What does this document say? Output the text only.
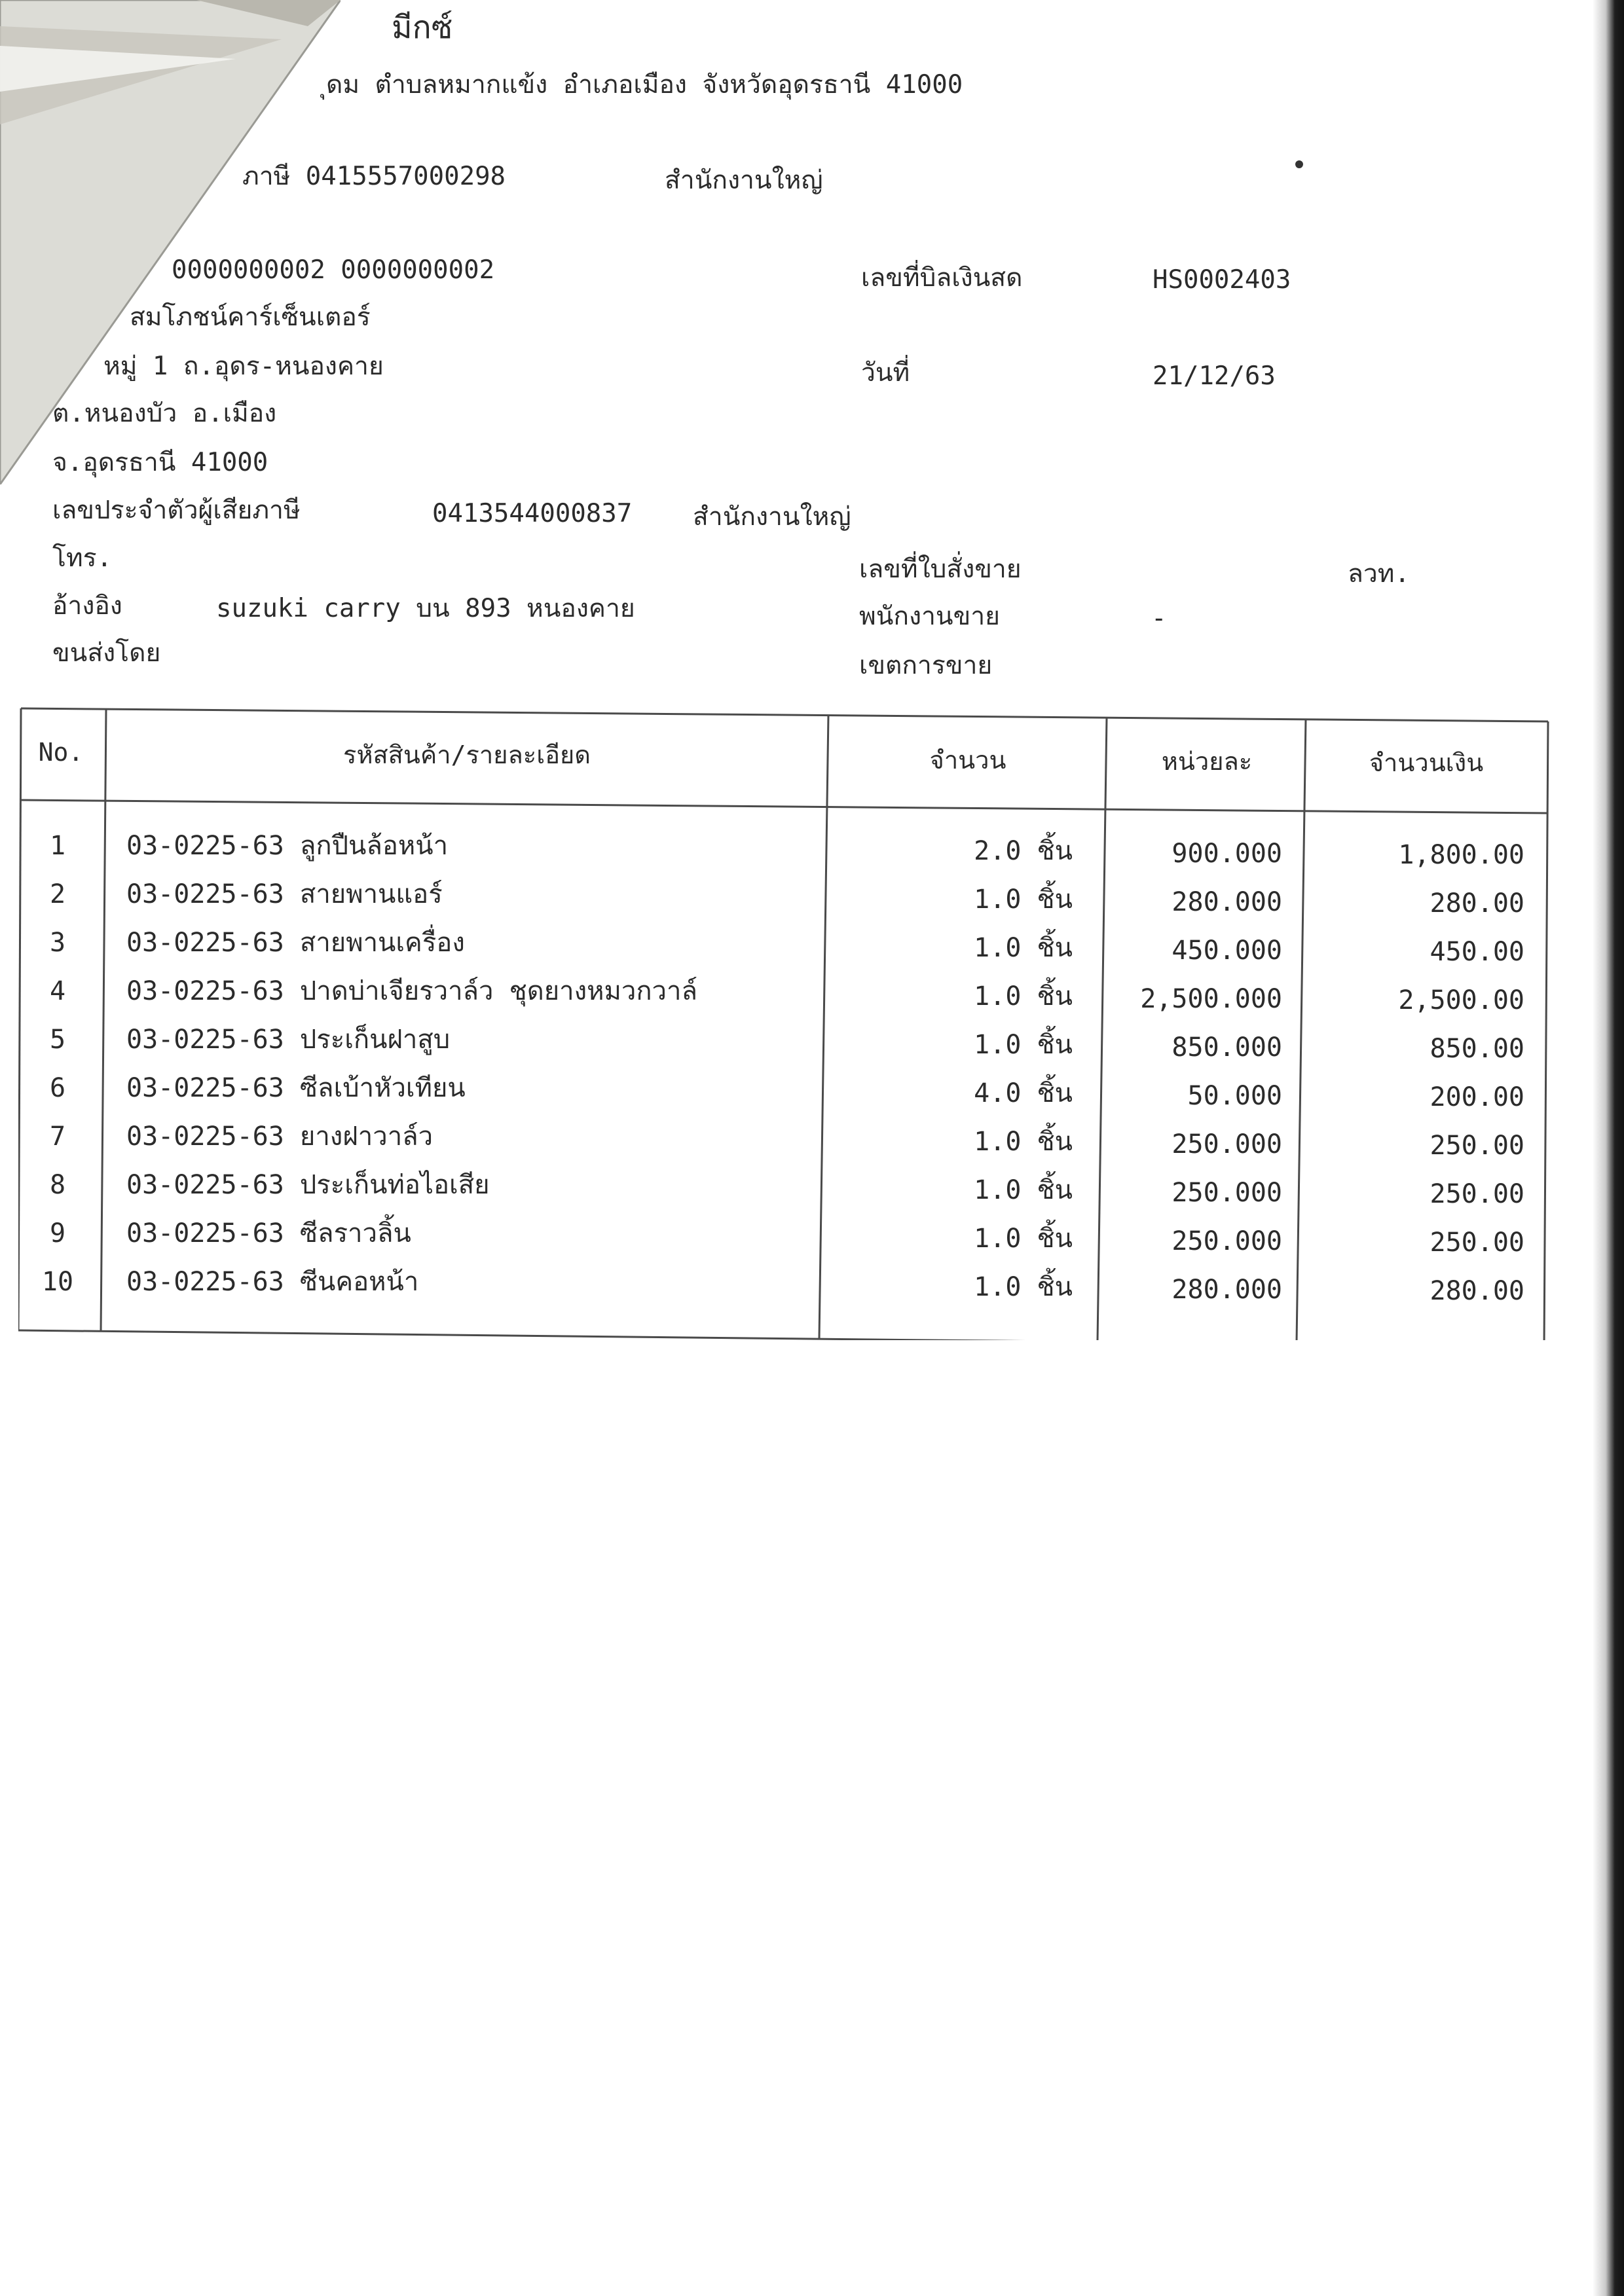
มีกซ์
ุดม ตำบลหมากแข้ง อำเภอเมือง จังหวัดอุดรธานี 41000
ภาษี 0415557000298	สำนักงานใหญ่
0000000002 0000000002
สมโภชน์คาร์เซ็นเตอร์
หมู่ 1 ถ.อุดร-หนองคาย
ต.หนองบัว อ.เมือง
จ.อุดรธานี 41000
เลขประจำตัวผู้เสียภาษี	0413544000837 สำนักงานใหญ่
โทร.
อ้างอิง	suzuki carry บน 893 หนองคาย
ขนส่งโดย
เลขที่บิลเงินสด	HS0002403
วันที่	21/12/63
เลขที่ใบสั่งขาย	ลวท.
พนักงานขาย	-
เขตการขาย
No.	รหัสสินค้า/รายละเอียด	จำนวน	หน่วยละ	จำนวนเงิน
1	03-0225-63 ลูกปืนล้อหน้า	2.0 ชิ้น	900.000	1,800.00
2	03-0225-63 สายพานแอร์	1.0 ชิ้น	280.000	280.00
3	03-0225-63 สายพานเครื่อง	1.0 ชิ้น	450.000	450.00
4	03-0225-63 ปาดบ่าเจียรวาล์ว ชุดยางหมวกวาล์	1.0 ชิ้น	2,500.000	2,500.00
5	03-0225-63 ประเก็นฝาสูบ	1.0 ชิ้น	850.000	850.00
6	03-0225-63 ซีลเบ้าหัวเทียน	4.0 ชิ้น	50.000	200.00
7	03-0225-63 ยางฝาวาล์ว	1.0 ชิ้น	250.000	250.00
8	03-0225-63 ประเก็นท่อไอเสีย	1.0 ชิ้น	250.000	250.00
9	03-0225-63 ซีลราวลิ้น	1.0 ชิ้น	250.000	250.00
10	03-0225-63 ซีนคอหน้า	1.0 ชิ้น	280.000	280.00
